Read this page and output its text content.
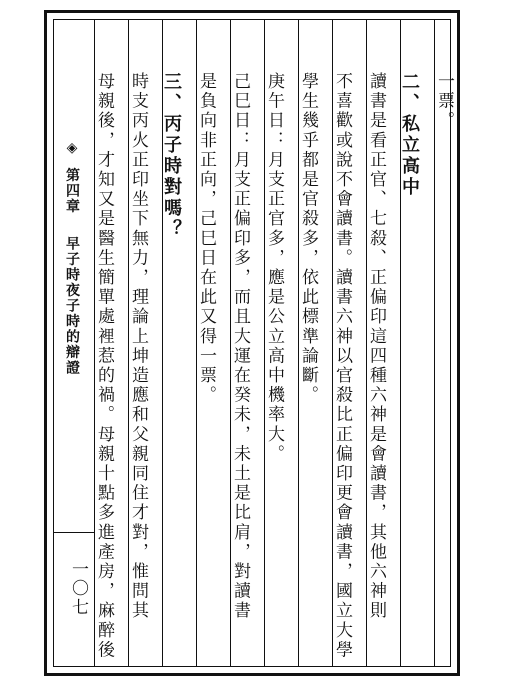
◈ 第四章　 早子時夜子時的辯證
一〇七
一票。
二、私立高中
讀書是看正官、七殺、正偏印這四種六神是會讀書，其他六神則
不喜歡或說不會讀書。讀書六神以官殺比正偏印更會讀書，國立大學
學生幾乎都是官殺多，依此標準論斷。
庚午日：月支正官多，應是公立高中機率大。
己巳日：月支正偏印多，而且大運在癸未，未土是比肩，對讀書
是負向非正向，己巳日在此又得一票。
三、丙子時對嗎？
時支丙火正印坐下無力，理論上坤造應和父親同住才對，惟問其
母親後，才知又是醫生簡單處裡惹的禍。母親十點多進產房，麻醉後
